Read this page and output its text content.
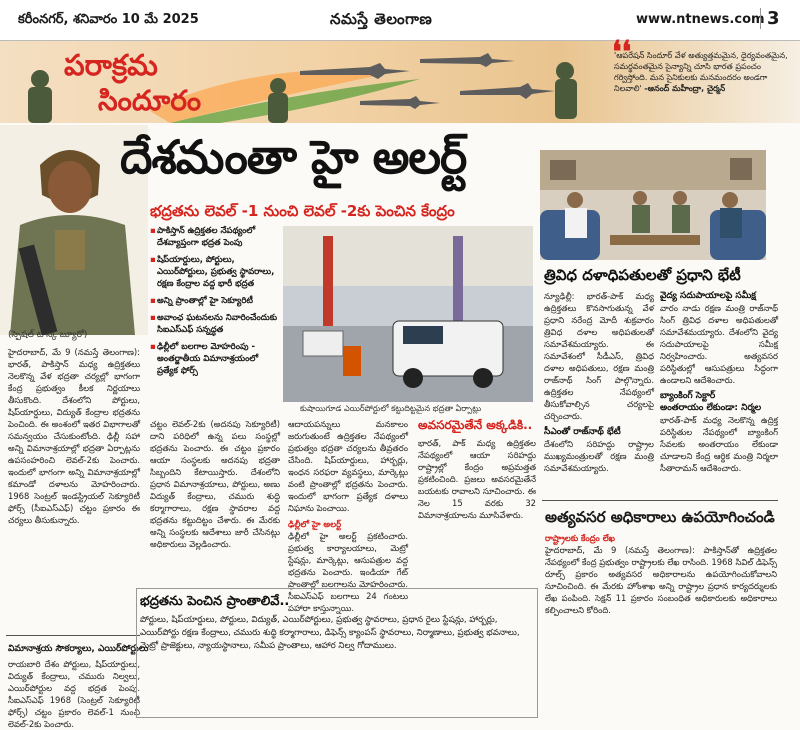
కరీంనగర్, శనివారం 10 మే 2025	నమస్తే తెలంగాణ	www.ntnews.com 3
పరాక్రమ
సిందూరం
❛❛
'ఆపరేషన్ సిందూర్ వేళ అత్యుత్తమమైన, ధైర్యవంతమైన, సమర్థవంతమైన సైన్యాన్ని చూసి భారత ప్రపంచం గర్విస్తోంది. మన సైనికులకు మనమందరం అండగా నిలవాలి' -ఆనంద్ మహీంద్రా, చైర్మన్
(స్పెషల్ టాస్క్ బ్యూరో)
దేశమంతా హై అలర్ట్
భద్రతను లెవల్ -1 నుంచి లెవల్ -2కు పెంచిన కేంద్రం
▪ పాకిస్తాన్ ఉద్రిక్తతల నేపథ్యంలో దేశవ్యాప్తంగా భద్రత పెంపు
▪ షిప్‌యార్డులు, పోర్టులు, ఎయిర్‌పోర్టులు, ప్రభుత్వ స్థావరాలు, రక్షణ కేంద్రాల వద్ద భారీ భద్రత
▪ అన్ని ప్రాంతాల్లో హై సెక్యూరిటీ
▪ అవాంఛ ఘటనలను నివారించేందుకు సిఐఎస్ఎఫ్ సన్నద్ధత
▪ ఢిల్లీలో బలగాల మోహరింపు - అంతర్జాతీయ విమానాశ్రయంలో ప్రత్యేక ఫోర్స్
కుషాయిగూడ ఎయిర్‌పోర్టులో కట్టుదిట్టమైన భద్రతా ఏర్పాట్లు

హైదరాబాద్, మే 9 (నమస్తే తెలంగాణ): భారత్, పాకిస్తాన్ మధ్య ఉద్రిక్తతలు నెలకొన్న వేళ భద్రతా చర్యల్లో భాగంగా కేంద్ర ప్రభుత్వం కీలక నిర్ణయాలు తీసుకొంది. దేశంలోని పోర్టులు, షిప్‌యార్డులు, విద్యుత్ కేంద్రాల భద్రతను పెంచింది. ఈ అంశంలో ఇతర విభాగాలతో సమన్వయం చేసుకుంటోంది. ఢిల్లీ సహా అన్ని విమానాశ్రయాల్లో భద్రతా ఏర్పాట్లను ఉపసంహరించి లెవల్-2కు పెంచారు. ఇందులో భాగంగా అన్ని విమానాశ్రయాల్లో కమాండో దళాలను మోహరించారు. 1968 సెంట్రల్ ఇండస్ట్రియల్ సెక్యూరిటీ ఫోర్స్ (సీఐఎస్ఎఫ్) చట్టం ప్రకారం ఈ చర్యలు తీసుకున్నారు.

విమానాశ్రయ సౌకర్యాలు, ఎయిర్‌పోర్టులు
రాయబారి దేశం పోర్టులు, షిప్‌యార్డులు, విద్యుత్ కేంద్రాలు, చమురు నిల్వలు, ఎయిర్‌పోర్టుల వద్ద భద్రత పెంపు. సీఐఎస్ఎఫ్ 1968 (సెంట్రల్ సెక్యూరిటీ ఫోర్స్) చట్టం ప్రకారం లెవల్-1 నుంచి లెవల్-2కు పెంచారు.

చట్టం లెవల్-2కు (అదనపు సెక్యూరిటీ) దాని పరిధిలో ఉన్న పలు సంస్థల్లో భద్రతను పెంచారు. ఈ చట్టం ప్రకారం ఆయా సంస్థలకు అదనపు భద్రతా సిబ్బందిని కేటాయిస్తారు. దేశంలోని ప్రధాన విమానాశ్రయాలు, పోర్టులు, అణు విద్యుత్ కేంద్రాలు, చమురు శుద్ధి కర్మాగారాలు, రక్షణ స్థావరాల వద్ద భద్రతను కట్టుదిట్టం చేశారు. ఈ మేరకు అన్ని సంస్థలకు ఆదేశాలు జారీ చేసినట్లు అధికారులు వెల్లడించారు.

ఆదాయపన్నులు మనకాలం జరుగుతుంటే ఉద్రిక్తతల నేపథ్యంలో ప్రభుత్వం భద్రతా చర్యలను తీవ్రతరం చేసింది. షిప్‌యార్డులు, హార్బర్లు, ఇంధన సరఫరా వ్యవస్థలు, మార్కెట్లు వంటి ప్రాంతాల్లో భద్రతను పెంచారు. ఇందులో భాగంగా ప్రత్యేక దళాలు నిఘాను పెంచాయి.

ఢిల్లీలో హై అలర్ట్

ఢిల్లీలో హై అలర్ట్ ప్రకటించారు. ప్రభుత్వ కార్యాలయాలు, మెట్రో స్టేషన్లు, మార్కెట్లు, ఆసుపత్రుల వద్ద భద్రతను పెంచారు. ఇండియా గేట్ ప్రాంతాల్లో బలగాలను మోహరించారు. సీఐఎస్ఎఫ్ బలగాలు 24 గంటలు పహారా కాస్తున్నాయి.

అవసరమైతేనే అక్కడికి..
భారత్, పాక్ మధ్య ఉద్రిక్తతల నేపథ్యంలో ఆయా సరిహద్దు రాష్ట్రాల్లో కేంద్రం అప్రమత్తత ప్రకటించింది. ప్రజలు అవసరమైతేనే బయటకు రావాలని సూచించారు. ఈ నెల 15 వరకు 32 విమానాశ్రయాలను మూసివేశారు.
భద్రతను పెంచిన ప్రాంతాలివే..
పోర్టులు, షిప్‌యార్డులు, పోర్టులు, విద్యుత్, ఎయిర్‌పోర్టులు, ప్రభుత్వ స్థావరాలు, ప్రధాన రైలు స్టేషన్లు, హార్బర్లు, ఎయిర్‌పోర్టు రక్షణ కేంద్రాలు, చమురు శుద్ధి కర్మాగారాలు, డిఫెన్స్ క్యాంపస్ స్థావరాలు, నిర్మాణాలు, ప్రభుత్వ భవనాలు, మెట్రో ప్రాజెక్టులు, న్యాయస్థానాలు, సమీప ప్రాంతాలు, ఆహార నిల్వ గోదాములు.
త్రివిధ దళాధిపతులతో ప్రధాని భేటీ

న్యూఢిల్లీ: భారత్-పాక్ మధ్య ఉద్రిక్తతలు కొనసాగుతున్న వేళ ప్రధాని నరేంద్ర మోదీ శుక్రవారం త్రివిధ దళాల అధిపతులతో సమావేశమయ్యారు. ఈ సమావేశంలో సీడీఎస్, త్రివిధ దళాల అధిపతులు, రక్షణ మంత్రి రాజ్‌నాథ్ సింగ్ పాల్గొన్నారు. ఉద్రిక్తతల నేపథ్యంలో తీసుకోవాల్సిన చర్యలపై చర్చించారు.

సీఎంతో రాజ్‌నాథ్ భేటీ

దేశంలోని సరిహద్దు రాష్ట్రాల ముఖ్యమంత్రులతో రక్షణ మంత్రి సమావేశమయ్యారు.

వైద్య సదుపాయాలపై సమీక్ష

వారం నాడు రక్షణ మంత్రి రాజ్‌నాథ్ సింగ్ త్రివిధ దళాల అధిపతులతో సమావేశమయ్యారు. దేశంలోని వైద్య సదుపాయాలపై సమీక్ష నిర్వహించారు. అత్యవసర పరిస్థితుల్లో ఆసుపత్రులు సిద్ధంగా ఉండాలని ఆదేశించారు.

బ్యాంకింగ్ సెక్టార్

అంతరాయం లేకుండా: నిర్మల

భారత్-పాక్ మధ్య నెలకొన్న ఉద్రిక్త పరిస్థితుల నేపథ్యంలో బ్యాంకింగ్ సేవలకు అంతరాయం లేకుండా చూడాలని కేంద్ర ఆర్థిక మంత్రి నిర్మలా సీతారామన్ ఆదేశించారు.

అత్యవసర అధికారాలు ఉపయోగించండి

రాష్ట్రాలకు కేంద్రం లేఖ

హైదరాబాద్, మే 9 (నమస్తే తెలంగాణ): పాకిస్తాన్‌తో ఉద్రిక్తతల నేపథ్యంలో కేంద్ర ప్రభుత్వం రాష్ట్రాలకు లేఖ రాసింది. 1968 సివిల్ డిఫెన్స్ రూల్స్ ప్రకారం అత్యవసర అధికారాలను ఉపయోగించుకోవాలని సూచించింది. ఈ మేరకు హోంశాఖ అన్ని రాష్ట్రాల ప్రధాన కార్యదర్శులకు లేఖ పంపింది. సెక్షన్ 11 ప్రకారం సంబంధిత అధికారులకు అధికారాలు కల్పించాలని కోరింది.
